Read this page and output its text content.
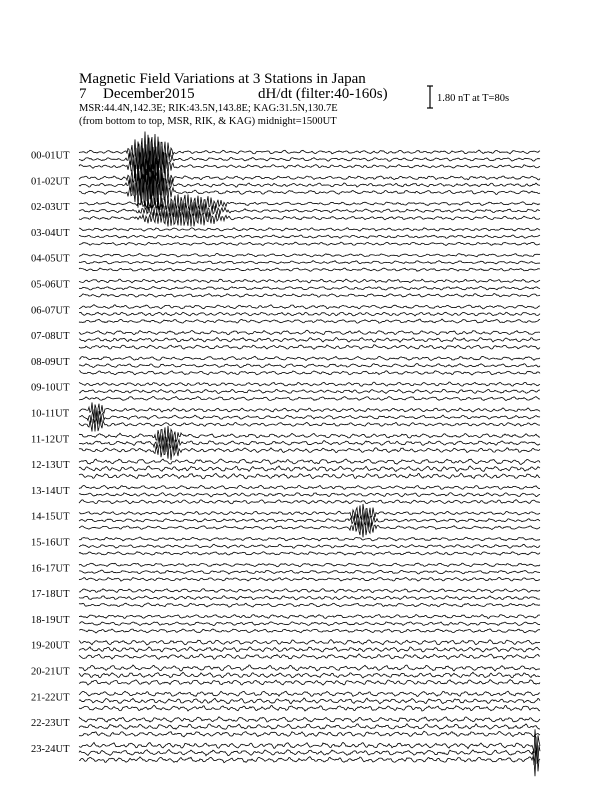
Magnetic Field Variations at 3 Stations in Japan
7 December2015	dH/dt (filter:40-160s)
MSR:44.4N,142.3E; RIK:43.5N,143.8E; KAG:31.5N,130.7E
(from bottom to top, MSR, RIK, & KAG) midnight=1500UT
1.80 nT at T=80s
00-01UT
01-02UT
02-03UT
03-04UT
04-05UT
05-06UT
06-07UT
07-08UT
08-09UT
09-10UT
10-11UT
11-12UT
12-13UT
13-14UT
14-15UT
15-16UT
16-17UT
17-18UT
18-19UT
19-20UT
20-21UT
21-22UT
22-23UT
23-24UT
